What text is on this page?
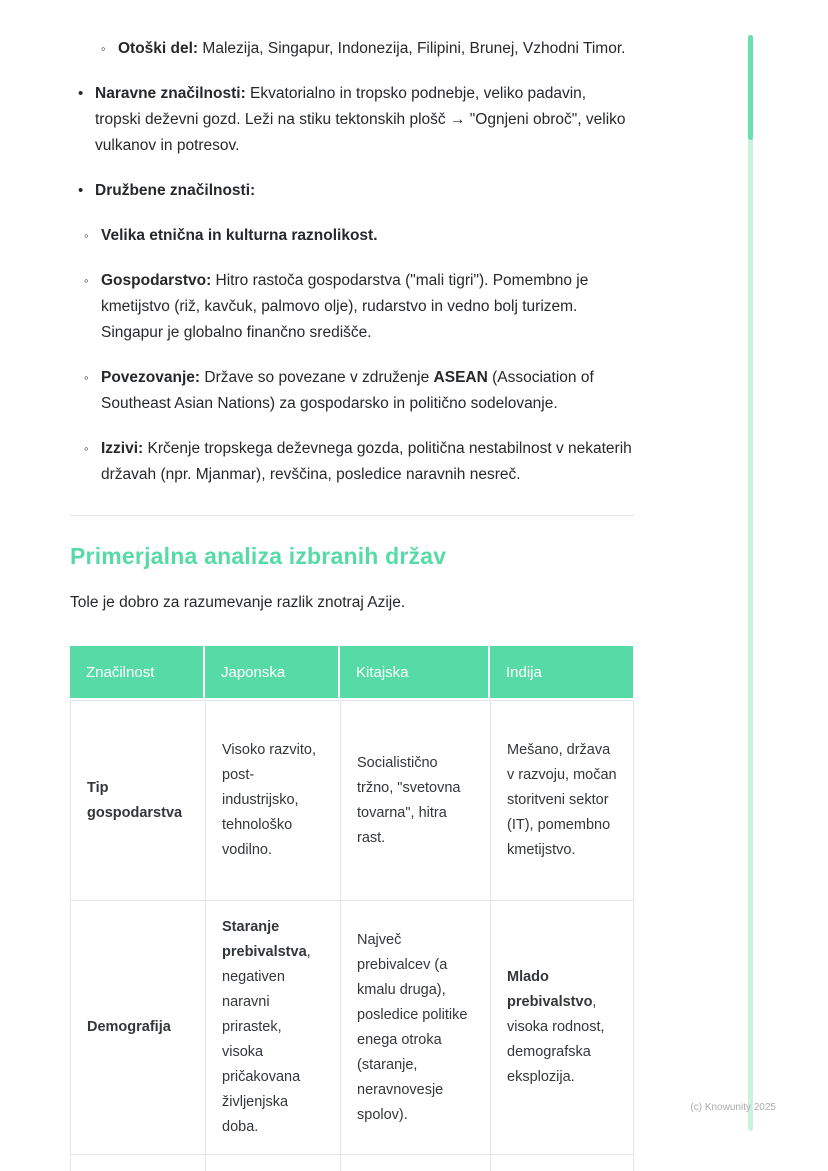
◦
Otoški del: Malezija, Singapur, Indonezija, Filipini, Brunej, Vzhodni Timor.
•
Naravne značilnosti: Ekvatorialno in tropsko podnebje, veliko padavin, tropski deževni gozd. Leži na stiku tektonskih plošč → "Ognjeni obroč", veliko vulkanov in potresov.
•
Družbene značilnosti:
◦
Velika etnična in kulturna raznolikost.
◦
Gospodarstvo: Hitro rastoča gospodarstva ("mali tigri"). Pomembno je kmetijstvo (riž, kavčuk, palmovo olje), rudarstvo in vedno bolj turizem. Singapur je globalno finančno središče.
◦
Povezovanje: Države so povezane v združenje ASEAN (Association of Southeast Asian Nations) za gospodarsko in politično sodelovanje.
◦
Izzivi: Krčenje tropskega deževnega gozda, politična nestabilnost v nekaterih državah (npr. Mjanmar), revščina, posledice naravnih nesreč.
Primerjalna analiza izbranih držav

Tole je dobro za razumevanje razlik znotraj Azije.

Značilnost	Japonska	Kitajska	Indija
Tip gospodarstva	Visoko razvito, post-industrijsko, tehnološko vodilno.	Socialistično tržno, "svetovna tovarna", hitra rast.	Mešano, država v razvoju, močan storitveni sektor (IT), pomembno kmetijstvo.
Demografija	Staranje prebivalstva, negativen naravni prirastek, visoka pričakovana življenjska doba.	Največ prebivalcev (a kmalu druga), posledice politike enega otroka (staranje, neravnovesje spolov).	Mlado prebivalstvo, visoka rodnost, demografska eksplozija.

(c) Knowunity 2025
